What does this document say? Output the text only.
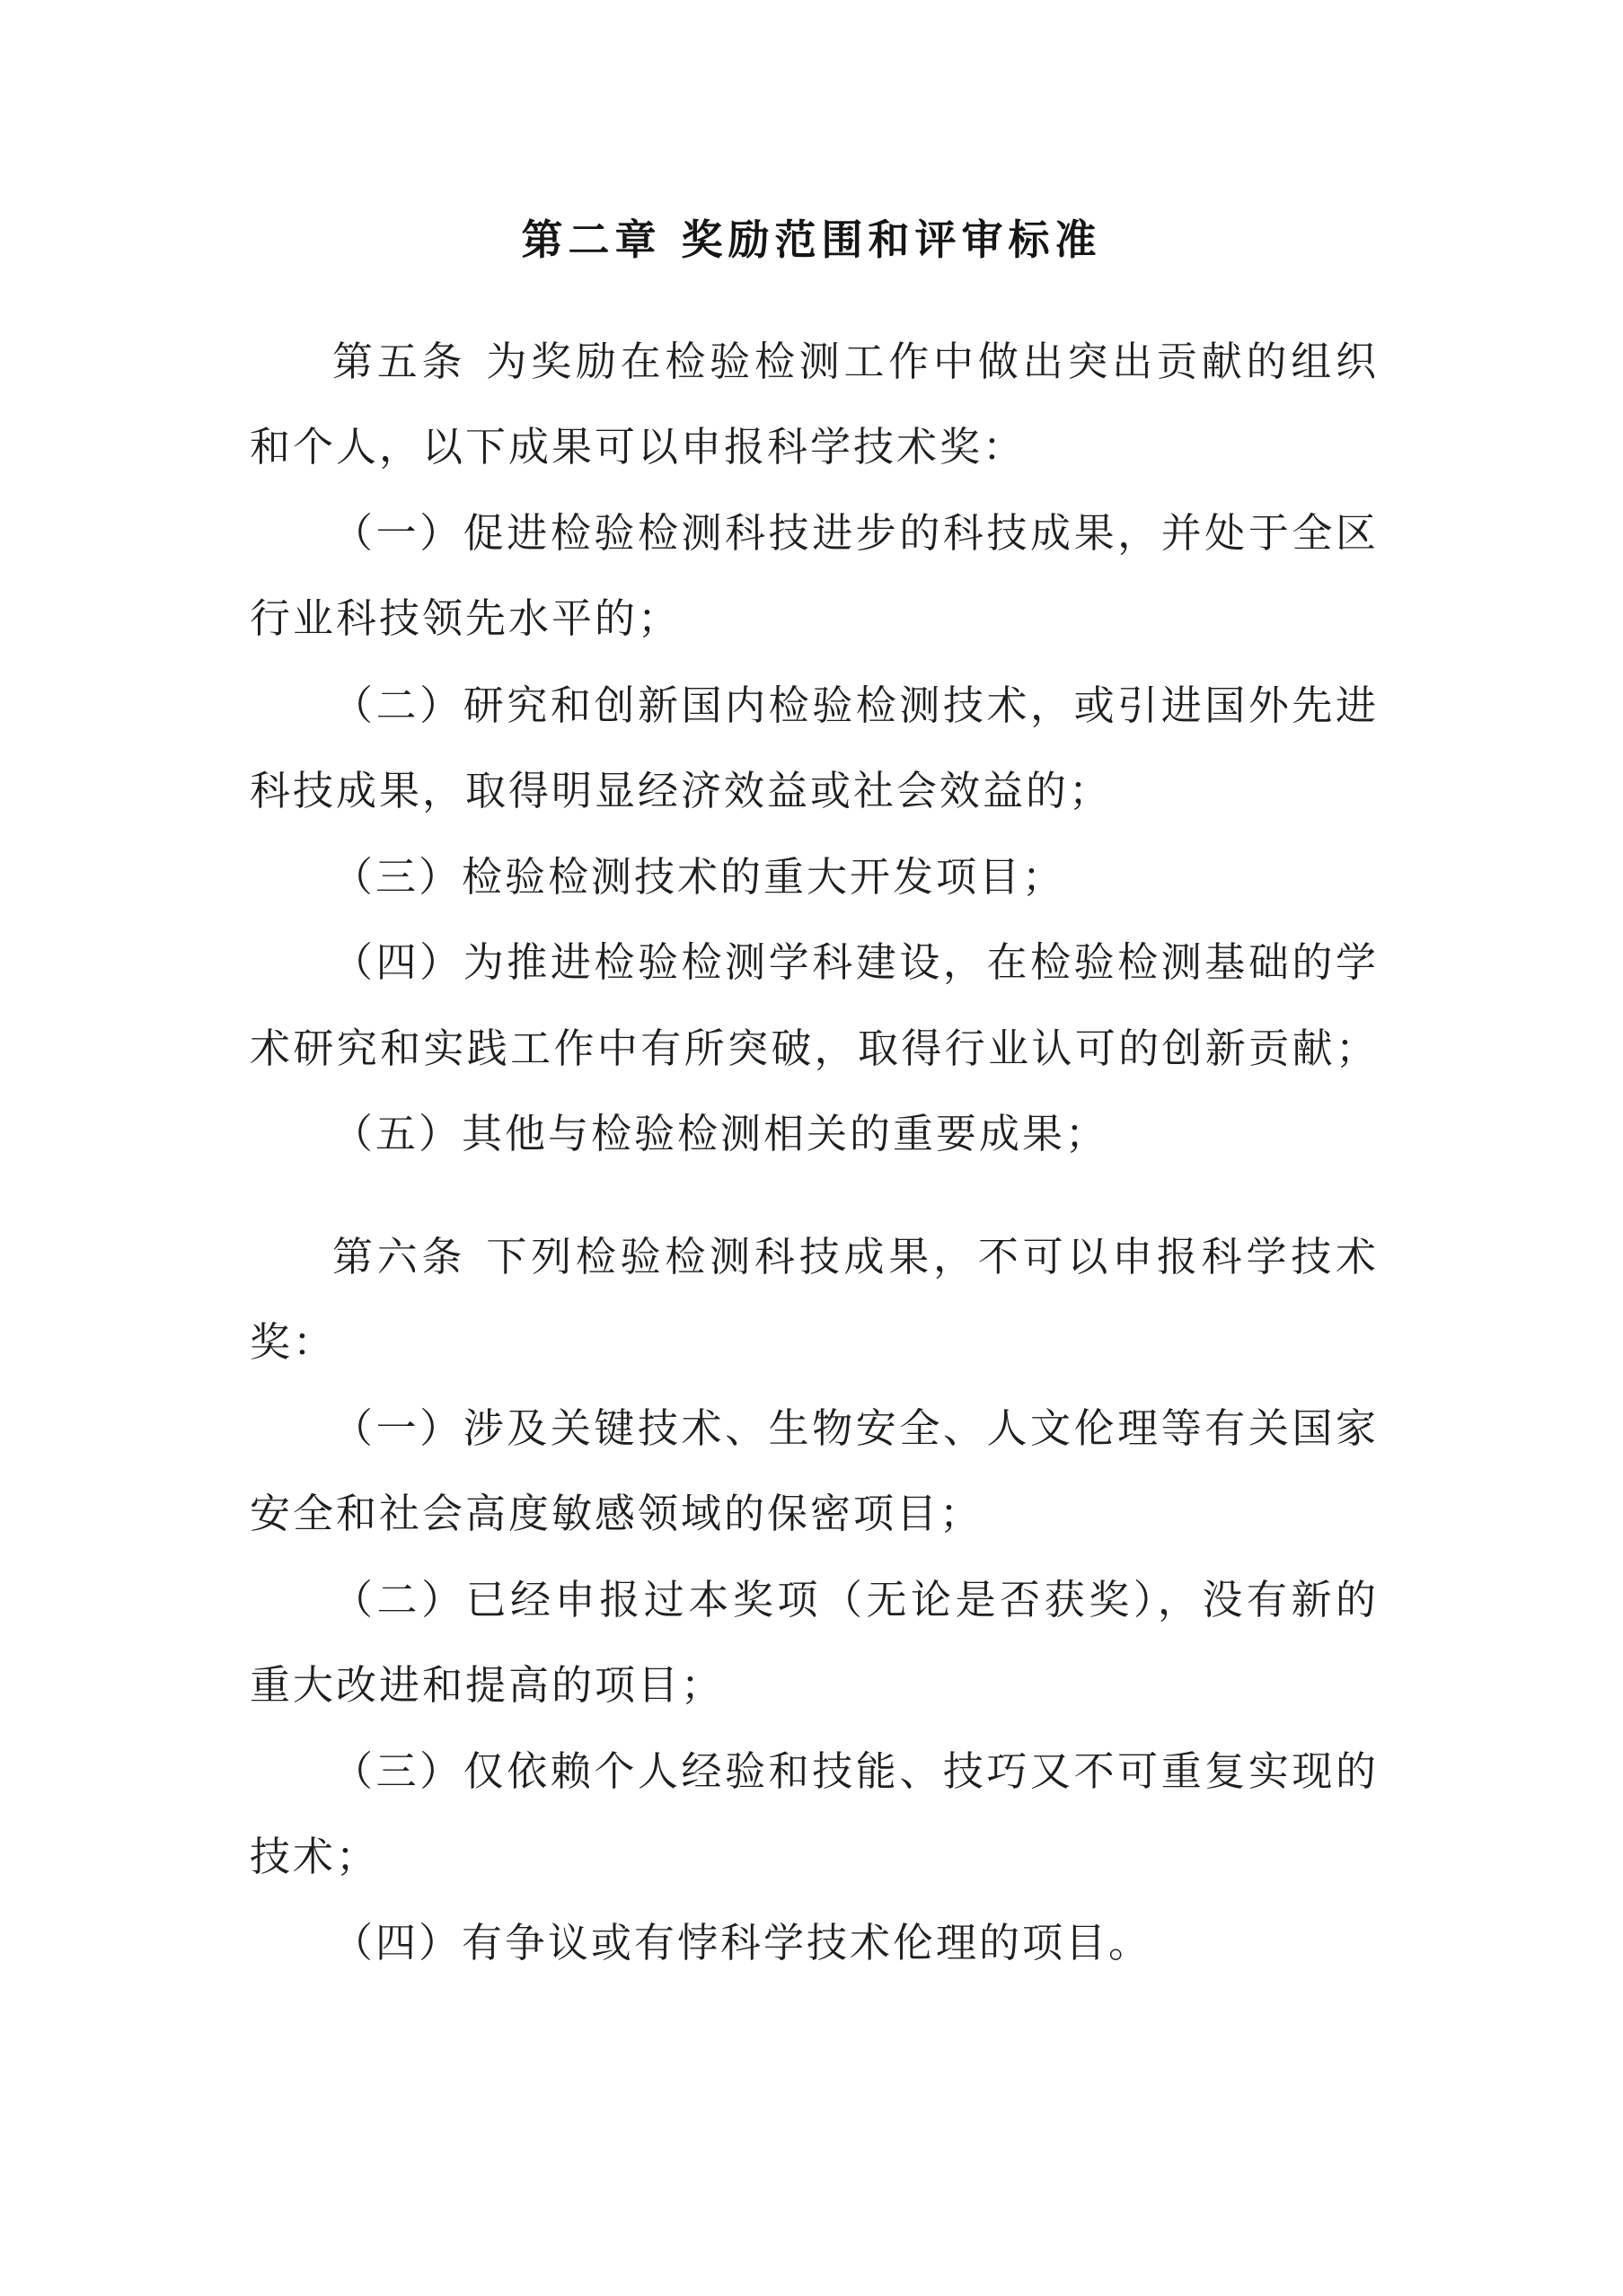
第二章 奖励范围和评审标准
第五条 为奖励在检验检测工作中做出突出贡献的组织
和个人，以下成果可以申报科学技术奖：
（一）促进检验检测科技进步的科技成果，并处于全区
行业科技领先水平的；
（二）研究和创新国内检验检测技术，或引进国外先进
科技成果，取得明显经济效益或社会效益的；
（三）检验检测技术的重大开发项目；
（四）为推进检验检测学科建设，在检验检测基础的学
术研究和实践工作中有所突破，取得行业认可的创新贡献；
（五）其他与检验检测相关的重要成果；
第六条 下列检验检测科技成果，不可以申报科学技术
奖：
（一）涉及关键技术、生物安全、人文伦理等有关国家
安全和社会高度敏感领域的保密项目；
（二）已经申报过本奖项（无论是否获奖），没有新的
重大改进和提高的项目；
（三）仅依赖个人经验和技能、技巧又不可重复实现的
技术；
（四）有争议或有悖科学技术伦理的项目。
